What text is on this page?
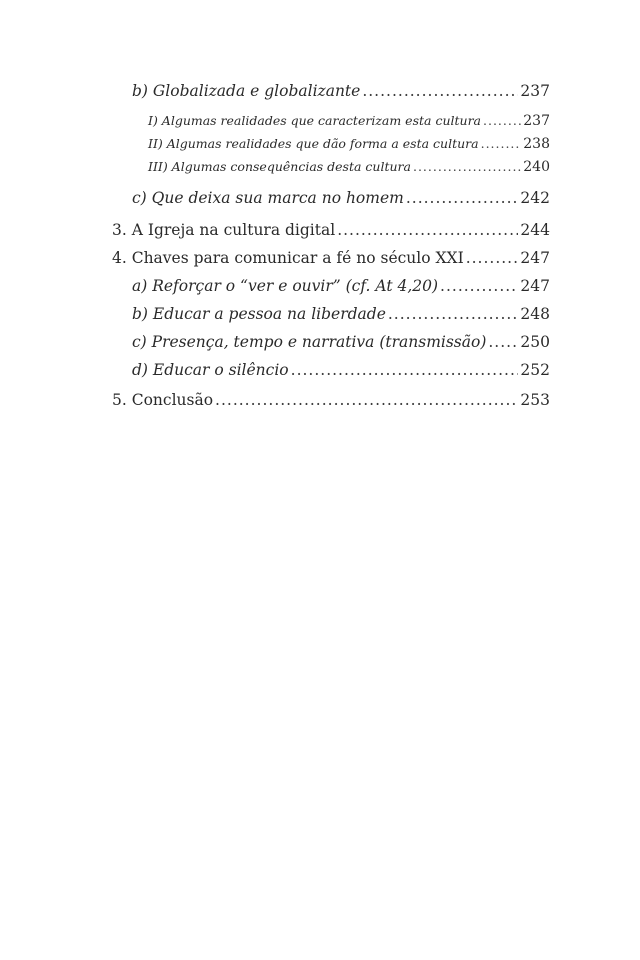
b) Globalizada e globalizante .....	237
I) Algumas realidades que caracterizam esta cultura .....	237
II) Algumas realidades que dão forma a esta cultura .....	238
III) Algumas consequências desta cultura .....	240
c) Que deixa sua marca no homem .....	242
3. A Igreja na cultura digital .....	244
4. Chaves para comunicar a fé no século XXI .....	247
a) Reforçar o “ver e ouvir” (cf. At 4,20) .....	247
b) Educar a pessoa na liberdade .....	248
c) Presença, tempo e narrativa (transmissão) ..... 250
d) Educar o silêncio .....	252
5. Conclusão .....	253
